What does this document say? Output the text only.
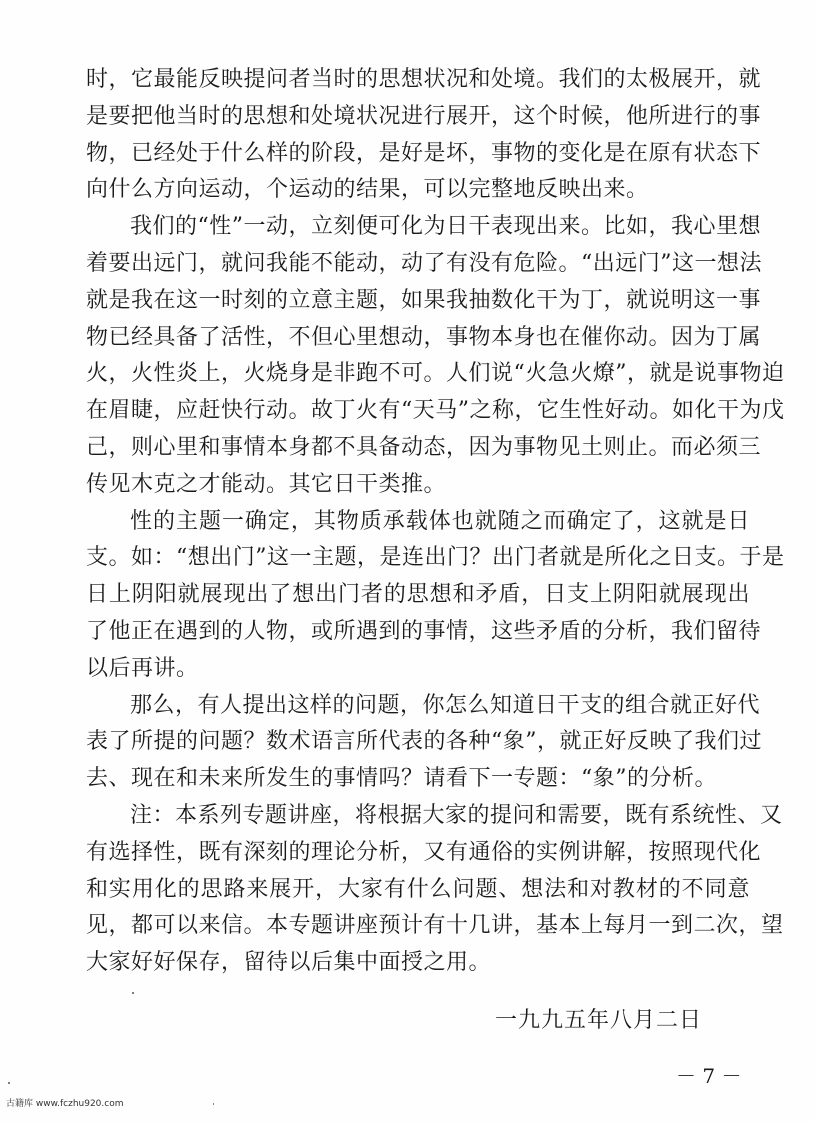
时，它最能反映提问者当时的思想状况和处境。我们的太极展开，就
是要把他当时的思想和处境状况进行展开，这个时候，他所进行的事
物，已经处于什么样的阶段，是好是坏，事物的变化是在原有状态下
向什么方向运动，个运动的结果，可以完整地反映出来。
我们的“性”一动，立刻便可化为日干表现出来。比如，我心里想
着要出远门，就问我能不能动，动了有没有危险。“出远门”这一想法
就是我在这一时刻的立意主题，如果我抽数化干为丁，就说明这一事
物已经具备了活性，不但心里想动，事物本身也在催你动。因为丁属
火，火性炎上，火烧身是非跑不可。人们说“火急火燎”，就是说事物迫
在眉睫，应赶快行动。故丁火有“天马”之称，它生性好动。如化干为戊
己，则心里和事情本身都不具备动态，因为事物见土则止。而必须三
传见木克之才能动。其它日干类推。
性的主题一确定，其物质承载体也就随之而确定了，这就是日
支。如：“想出门”这一主题，是连出门？出门者就是所化之日支。于是
日上阴阳就展现出了想出门者的思想和矛盾，日支上阴阳就展现出
了他正在遇到的人物，或所遇到的事情，这些矛盾的分析，我们留待
以后再讲。
那么，有人提出这样的问题，你怎么知道日干支的组合就正好代
表了所提的问题？数术语言所代表的各种“象”，就正好反映了我们过
去、现在和未来所发生的事情吗？请看下一专题：“象”的分析。
注：本系列专题讲座，将根据大家的提问和需要，既有系统性、又
有选择性，既有深刻的理论分析，又有通俗的实例讲解，按照现代化
和实用化的思路来展开，大家有什么问题、想法和对教材的不同意
见，都可以来信。本专题讲座预计有十几讲，基本上每月一到二次，望
大家好好保存，留待以后集中面授之用。
一九九五年八月二日
－ 7 －
古籍库 www.fczhu920.com
